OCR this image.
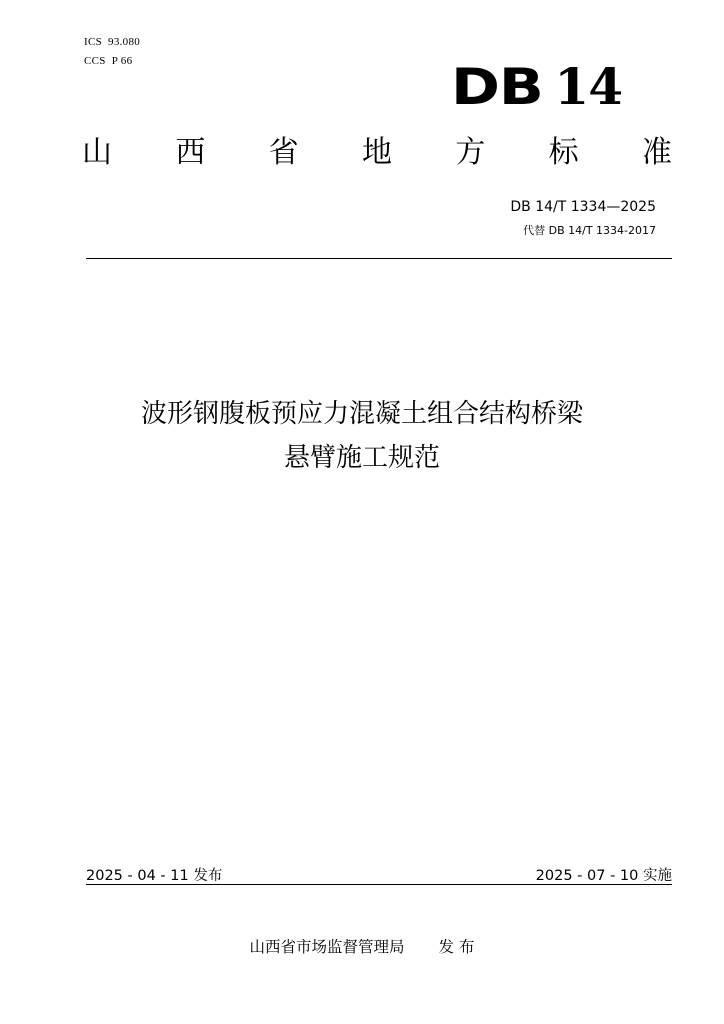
ICS 93.080
CCS P 66	DB 14
山 西 省 地 方 标 准
DB 14/T 1334—2025
代替 DB 14/T 1334-2017
波形钢腹板预应力混凝土组合结构桥梁
悬臂施工规范
2025 - 04 - 11 发布	2025 - 07 - 10 实施
山西省市场监督管理局 发 布
